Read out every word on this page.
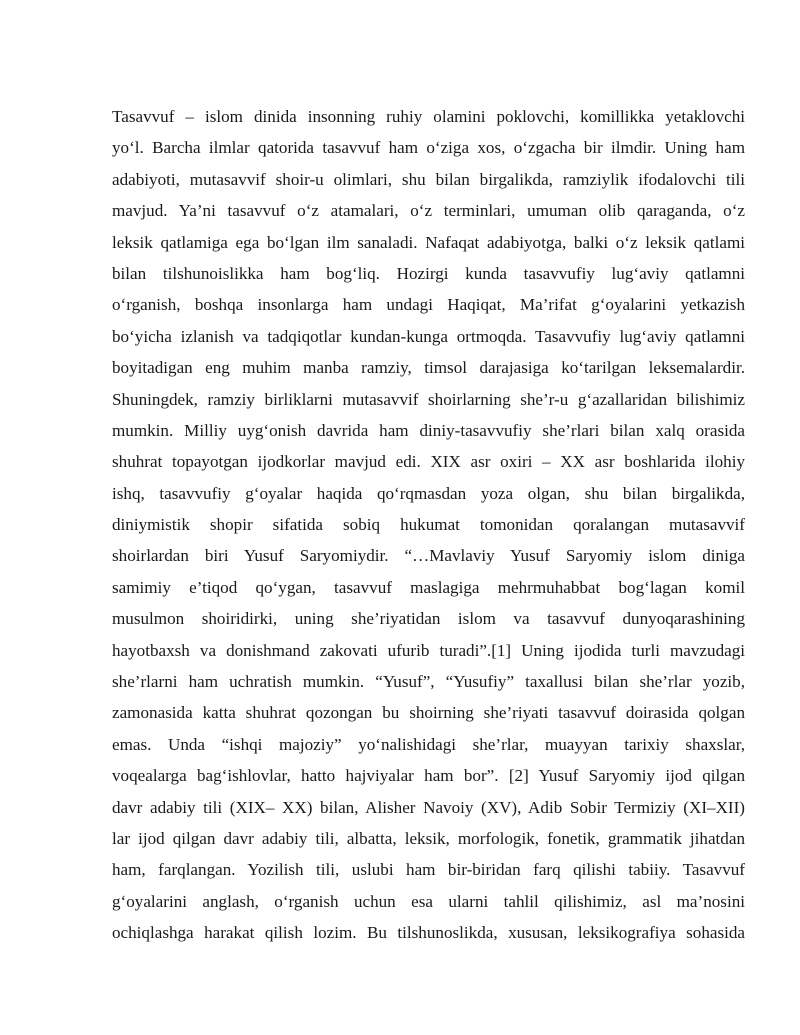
Tasavvuf – islom dinida insonning ruhiy olamini poklovchi, komillikka yetaklovchi
yo‘l. Barcha ilmlar qatorida tasavvuf ham o‘ziga xos, o‘zgacha bir ilmdir. Uning ham
adabiyoti, mutasavvif shoir-u olimlari, shu bilan birgalikda, ramziylik ifodalovchi tili
mavjud. Ya’ni tasavvuf o‘z atamalari, o‘z terminlari, umuman olib qaraganda, o‘z
leksik qatlamiga ega bo‘lgan ilm sanaladi. Nafaqat adabiyotga, balki o‘z leksik qatlami
bilan tilshunoislikka ham bog‘liq. Hozirgi kunda tasavvufiy lug‘aviy qatlamni
o‘rganish, boshqa insonlarga ham undagi Haqiqat, Ma’rifat g‘oyalarini yetkazish
bo‘yicha izlanish va tadqiqotlar kundan-kunga ortmoqda. Tasavvufiy lug‘aviy qatlamni
boyitadigan eng muhim manba ramziy, timsol darajasiga ko‘tarilgan leksemalardir.
Shuningdek, ramziy birliklarni mutasavvif shoirlarning she’r-u g‘azallaridan bilishimiz
mumkin. Milliy uyg‘onish davrida ham diniy-tasavvufiy she’rlari bilan xalq orasida
shuhrat topayotgan ijodkorlar mavjud edi. XIX asr oxiri – XX asr boshlarida ilohiy
ishq, tasavvufiy g‘oyalar haqida qo‘rqmasdan yoza olgan, shu bilan birgalikda,
diniymistik shopir sifatida sobiq hukumat tomonidan qoralangan mutasavvif
shoirlardan biri Yusuf Saryomiydir. “…Mavlaviy Yusuf Saryomiy islom diniga
samimiy e’tiqod qo‘ygan, tasavvuf maslagiga mehrmuhabbat bog‘lagan komil
musulmon shoiridirki, uning she’riyatidan islom va tasavvuf dunyoqarashining
hayotbaxsh va donishmand zakovati ufurib turadi”.[1] Uning ijodida turli mavzudagi
she’rlarni ham uchratish mumkin. “Yusuf”, “Yusufiy” taxallusi bilan she’rlar yozib,
zamonasida katta shuhrat qozongan bu shoirning she’riyati tasavvuf doirasida qolgan
emas. Unda “ishqi majoziy” yo‘nalishidagi she’rlar, muayyan tarixiy shaxslar,
voqealarga bag‘ishlovlar, hatto hajviyalar ham bor”. [2] Yusuf Saryomiy ijod qilgan
davr adabiy tili (XIX– XX) bilan, Alisher Navoiy (XV), Adib Sobir Termiziy (XI–XII)
lar ijod qilgan davr adabiy tili, albatta, leksik, morfologik, fonetik, grammatik jihatdan
ham, farqlangan. Yozilish tili, uslubi ham bir-biridan farq qilishi tabiiy. Tasavvuf
g‘oyalarini anglash, o‘rganish uchun esa ularni tahlil qilishimiz, asl ma’nosini
ochiqlashga harakat qilish lozim. Bu tilshunoslikda, xususan, leksikografiya sohasida
